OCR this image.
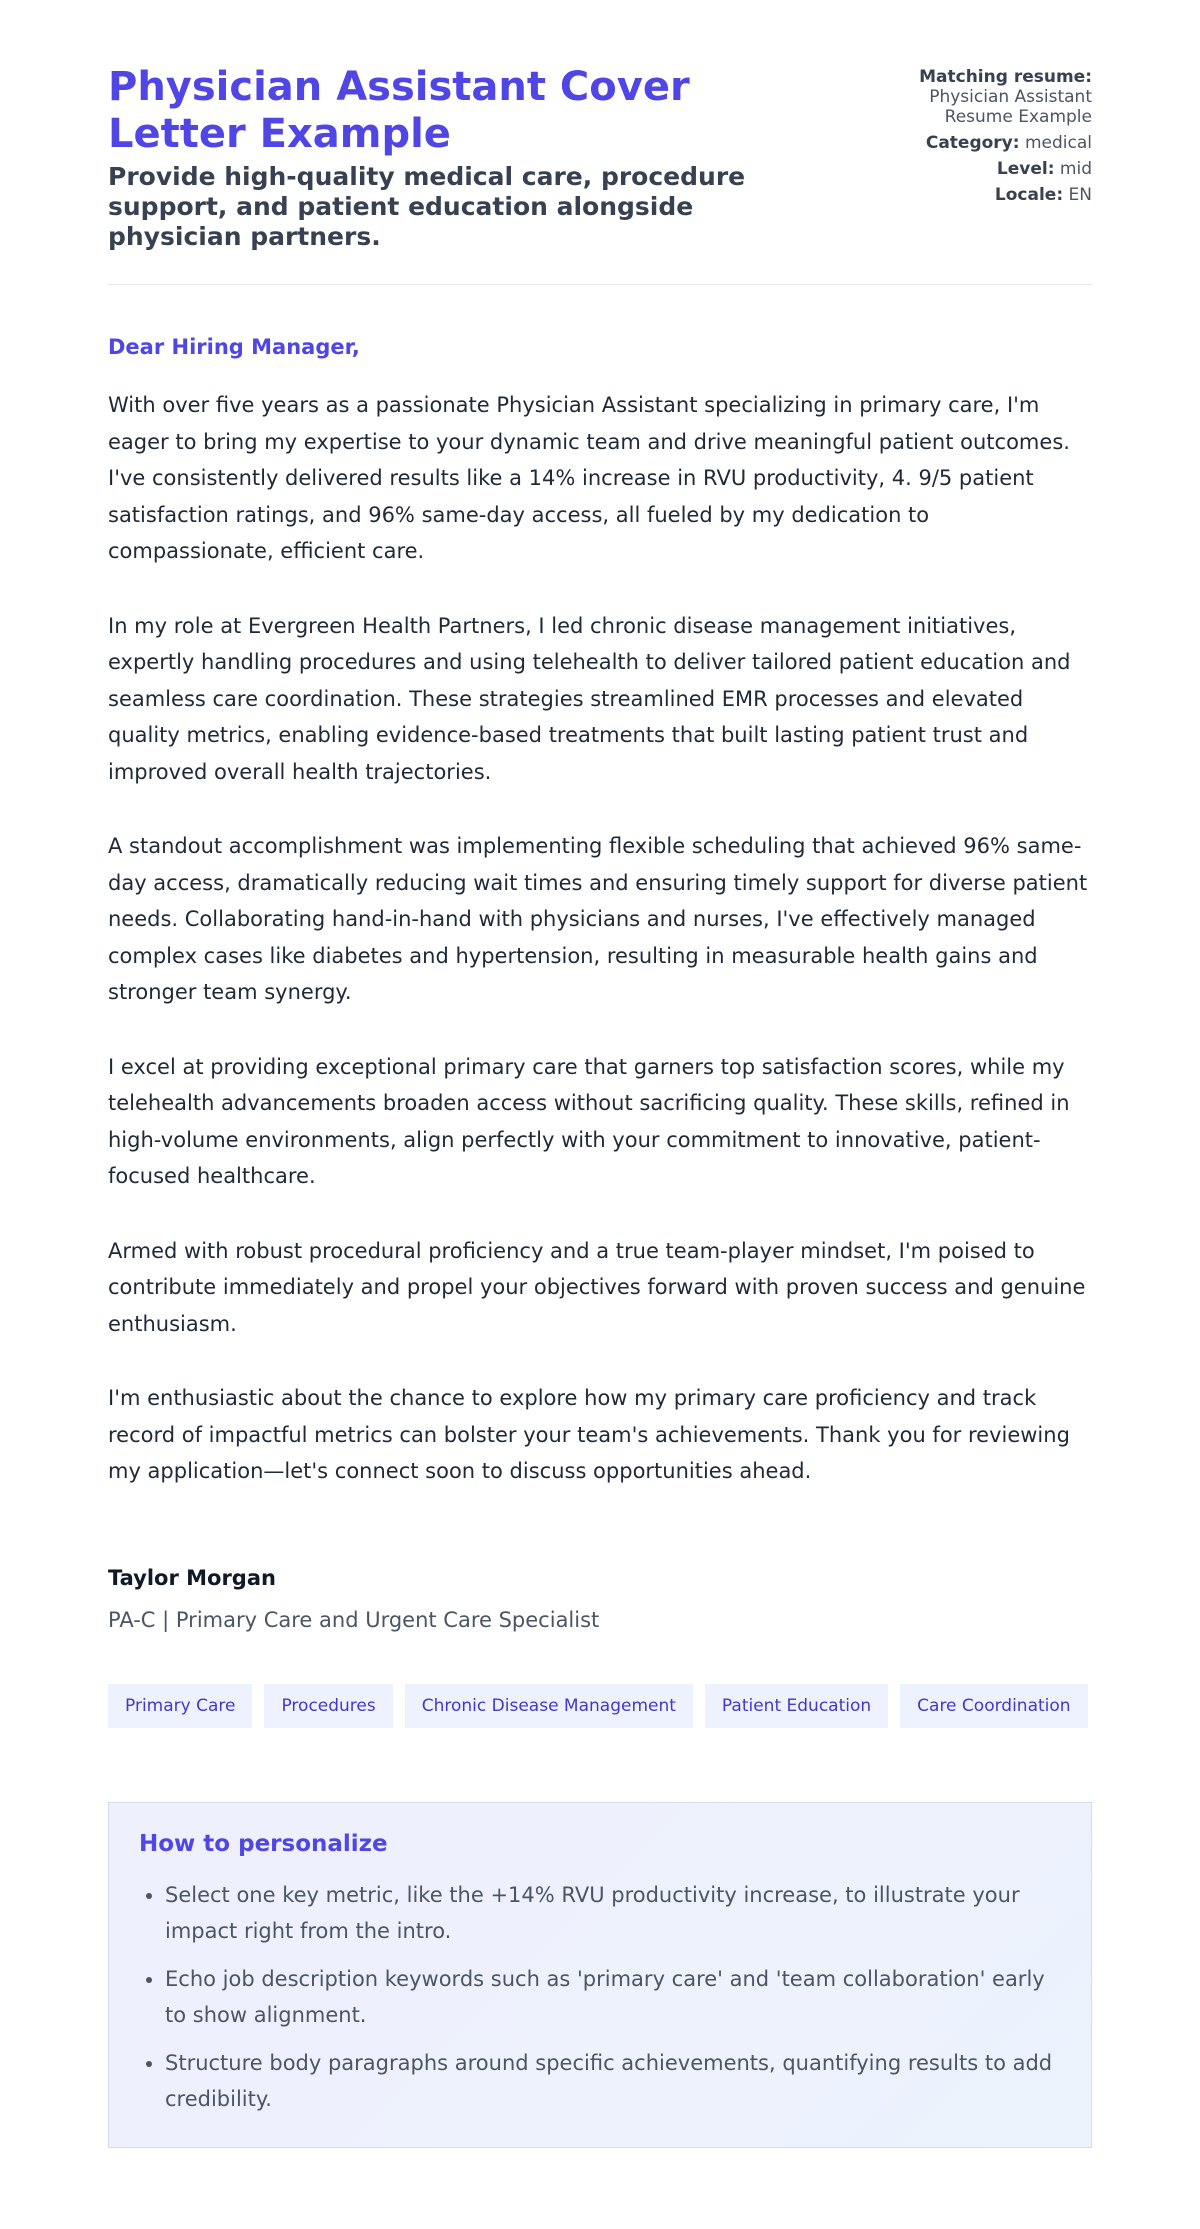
Physician Assistant Cover Letter Example
Provide high-quality medical care, procedure support, and patient education alongside physician partners.
Matching resume:
Physician Assistant Resume Example
Category: medical
Level: mid
Locale: EN

Dear Hiring Manager,

With over five years as a passionate Physician Assistant specializing in primary care, I'm eager to bring my expertise to your dynamic team and drive meaningful patient outcomes. I've consistently delivered results like a 14% increase in RVU productivity, 4. 9/5 patient satisfaction ratings, and 96% same-day access, all fueled by my dedication to compassionate, efficient care.

In my role at Evergreen Health Partners, I led chronic disease management initiatives, expertly handling procedures and using telehealth to deliver tailored patient education and seamless care coordination. These strategies streamlined EMR processes and elevated quality metrics, enabling evidence-based treatments that built lasting patient trust and improved overall health trajectories.

A standout accomplishment was implementing flexible scheduling that achieved 96% same-day access, dramatically reducing wait times and ensuring timely support for diverse patient needs. Collaborating hand-in-hand with physicians and nurses, I've effectively managed complex cases like diabetes and hypertension, resulting in measurable health gains and stronger team synergy.

I excel at providing exceptional primary care that garners top satisfaction scores, while my telehealth advancements broaden access without sacrificing quality. These skills, refined in high-volume environments, align perfectly with your commitment to innovative, patient-focused healthcare.

Armed with robust procedural proficiency and a true team-player mindset, I'm poised to contribute immediately and propel your objectives forward with proven success and genuine enthusiasm.

I'm enthusiastic about the chance to explore how my primary care proficiency and track record of impactful metrics can bolster your team's achievements. Thank you for reviewing my application—let's connect soon to discuss opportunities ahead.

Taylor Morgan
PA-C | Primary Care and Urgent Care Specialist
Primary Care	Procedures	Chronic Disease Management	Patient Education	Care Coordination
How to personalize
• Select one key metric, like the +14% RVU productivity increase, to illustrate your impact right from the intro.
• Echo job description keywords such as 'primary care' and 'team collaboration' early to show alignment.
• Structure body paragraphs around specific achievements, quantifying results to add credibility.
